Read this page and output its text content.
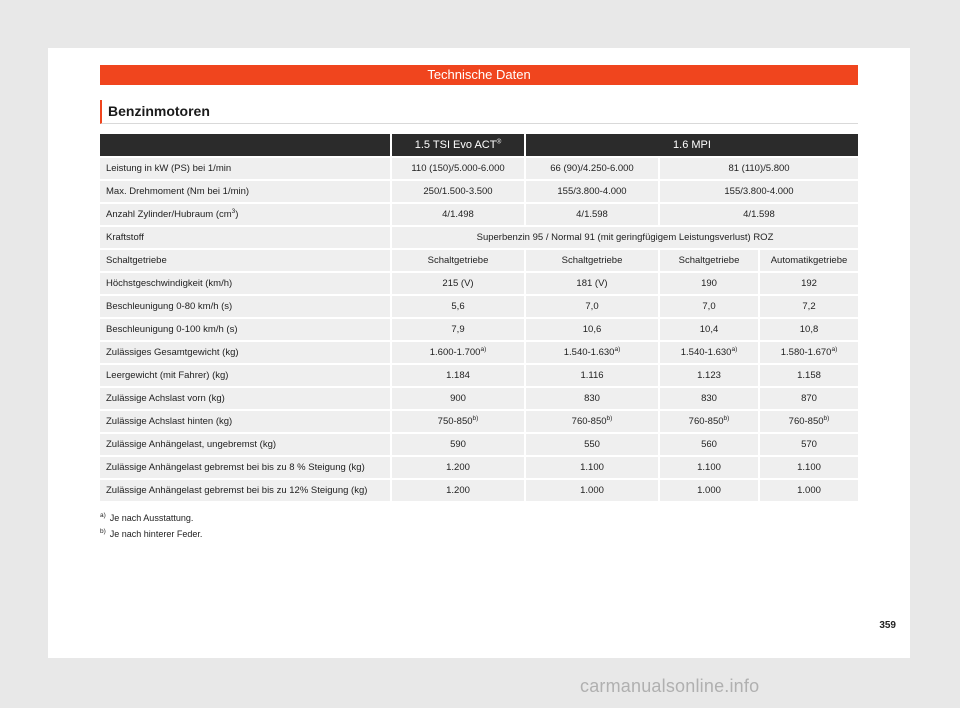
Technische Daten
Benzinmotoren
	1.5 TSI Evo ACT®	1.6 MPI		
Leistung in kW (PS) bei 1/min	110 (150)/5.000-6.000	66 (90)/4.250-6.000	81 (110)/5.800	
Max. Drehmoment (Nm bei 1/min)	250/1.500-3.500	155/3.800-4.000	155/3.800-4.000	
Anzahl Zylinder/Hubraum $(cm^3)$	4/1.498	4/1.598	4/1.598	
Kraftstoff	Superbenzin 95 / Normal 91 (mit geringfügigem Leistungsverlust) ROZ			
Schaltgetriebe	Schaltgetriebe	Schaltgetriebe	Schaltgetriebe	Automatikgetriebe
Höchstgeschwindigkeit (km/h)	215 (V)	181 (V)	190	192
Beschleunigung 0-80 km/h (s)	5,6	7,0	7,0	7,2
Beschleunigung 0-100 km/h (s)	7,9	10,6	10,4	10,8
Zulässiges Gesamtgewicht (kg)	1.600-1.700$^{a)}$	1.540-1.630$^{a)}$	1.540-1.630$^{a)}$	1.580-1.670$^{a)}$
Leergewicht (mit Fahrer) (kg)	1.184	1.116	1.123	1.158
Zulässige Achslast vorn (kg)	900	830	830	870
Zulässige Achslast hinten (kg)	750-850$^{b)}$	760-850$^{b)}$	760-850$^{b)}$	760-850$^{b)}$
Zulässige Anhängelast, ungebremst (kg)	590	550	560	570
Zulässige Anhängelast gebremst bei bis zu 8 % Steigung (kg)	1.200	1.100	1.100	1.100
Zulässige Anhängelast gebremst bei bis zu 12% Steigung (kg)	1.200	1.000	1.000	1.000
$^{a)}$ Je nach Ausstattung.
$^{b)}$ Je nach hinterer Feder.
359
carmanualsonline.info
